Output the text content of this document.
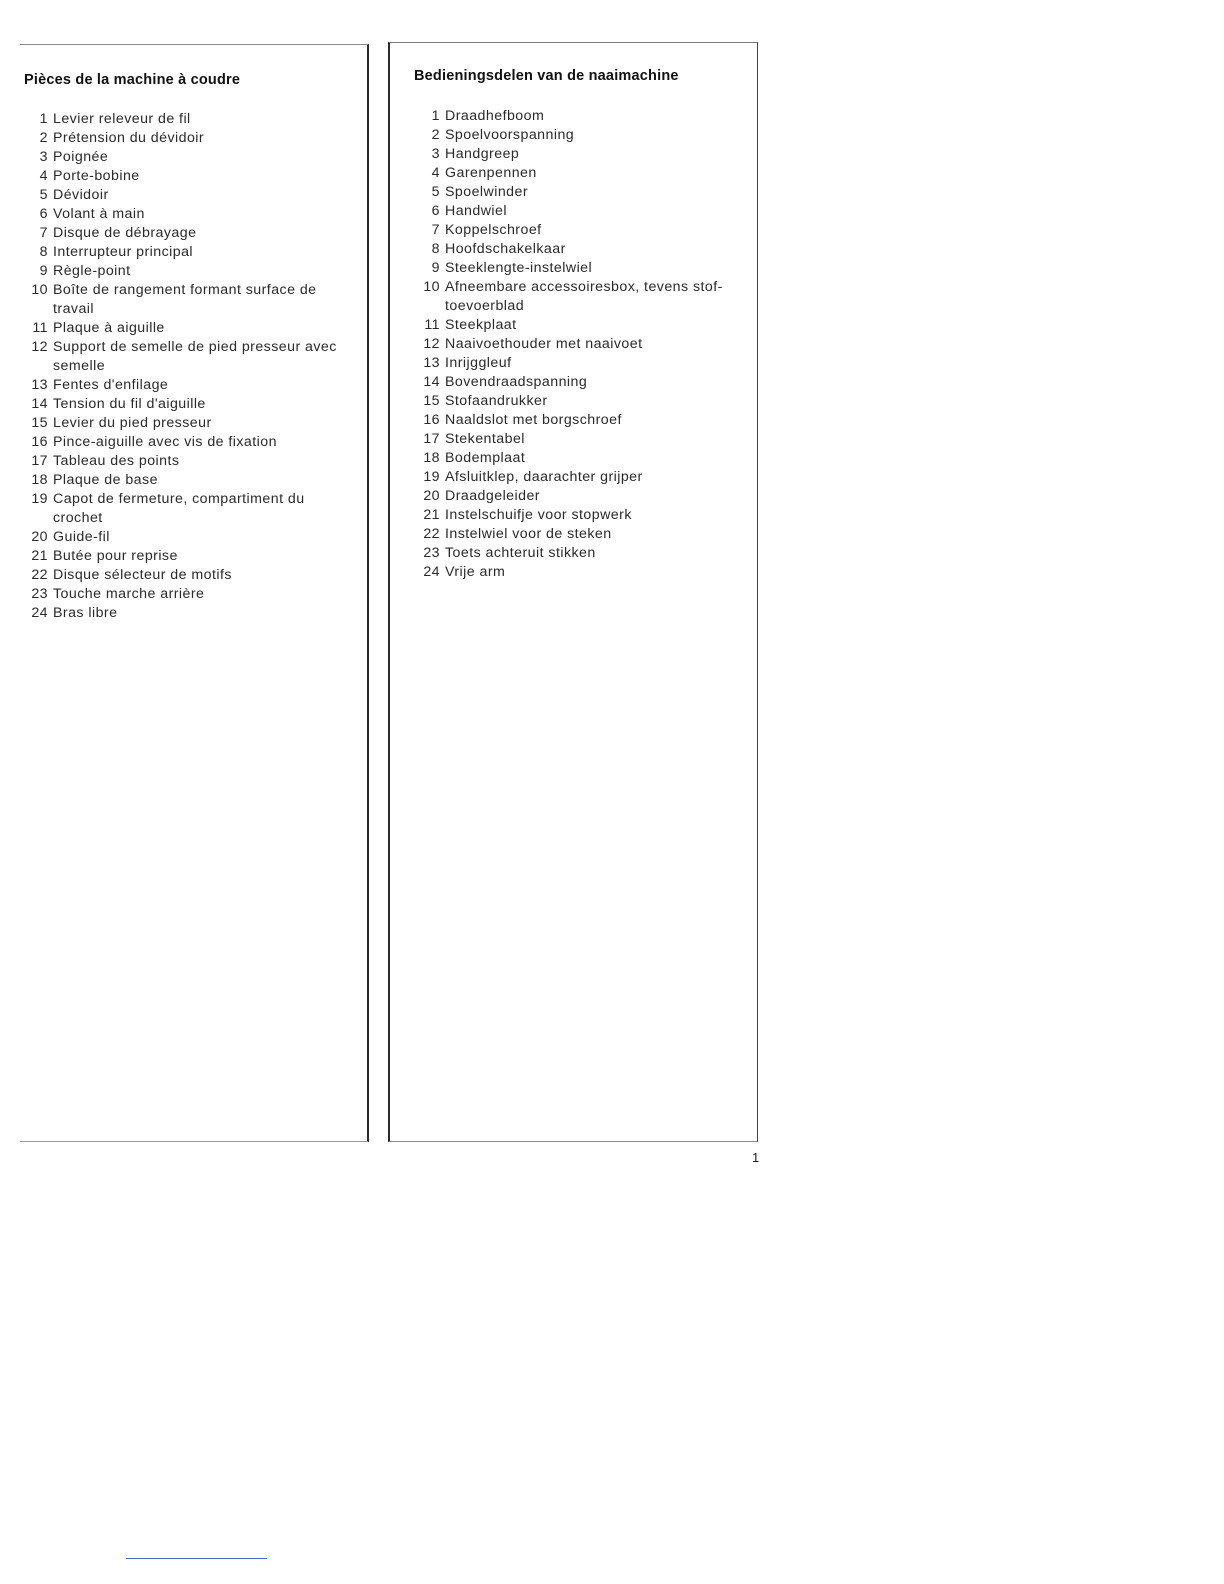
Pièces de la machine à coudre
1 Levier releveur de fil
2 Prétension du dévidoir
3 Poignée
4 Porte-bobine
5 Dévidoir
6 Volant à main
7 Disque de débrayage
8 Interrupteur principal
9 Règle-point
10 Boîte de rangement formant surface de travail
11 Plaque à aiguille
12 Support de semelle de pied presseur avec semelle
13 Fentes d'enfilage
14 Tension du fil d'aiguille
15 Levier du pied presseur
16 Pince-aiguille avec vis de fixation
17 Tableau des points
18 Plaque de base
19 Capot de fermeture, compartiment du crochet
20 Guide-fil
21 Butée pour reprise
22 Disque sélecteur de motifs
23 Touche marche arrière
24 Bras libre
Bedieningsdelen van de naaimachine
1 Draadhefboom
2 Spoelvoorspanning
3 Handgreep
4 Garenpennen
5 Spoelwinder
6 Handwiel
7 Koppelschroef
8 Hoofdschakelkaar
9 Steeklengte-instelwiel
10 Afneembare accessoiresbox, tevens stof-toevoerblad
11 Steekplaat
12 Naaivoethouder met naaivoet
13 Inrijggleuf
14 Bovendraadspanning
15 Stofaandrukker
16 Naaldslot met borgschroef
17 Stekentabel
18 Bodemplaat
19 Afsluitklep, daarachter grijper
20 Draadgeleider
21 Instelschuifje voor stopwerk
22 Instelwiel voor de steken
23 Toets achteruit stikken
24 Vrije arm
1
